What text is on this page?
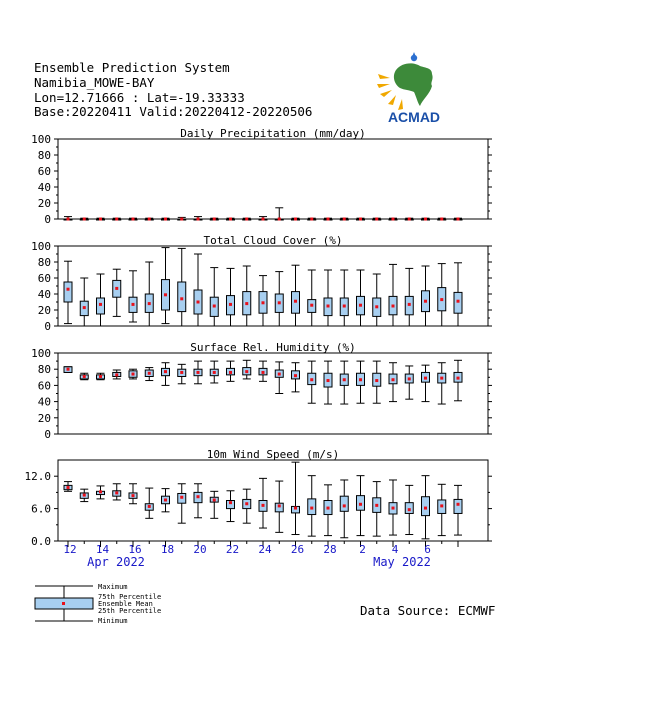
Ensemble Prediction System
Namibia_MOWE-BAY
Lon=12.71666 : Lat=-19.33333
Base:20220411 Valid:20220412-20220506	ACMAD
Daily Precipitation (mm/day)
0
20
40
60
80
100
Total Cloud Cover (%)
0
20
40
60
80
100
Surface Rel. Humidity (%)
0
20
40
60
80
100
10m Wind Speed (m/s)
0.0
6.0
12.0
12 14 16 18 20 22 24 26 28 2 4 6
Apr 2022	May 2022
Maximum
75th Percentile
Ensemble Mean
25th Percentile
Minimum
Data Source: ECMWF
